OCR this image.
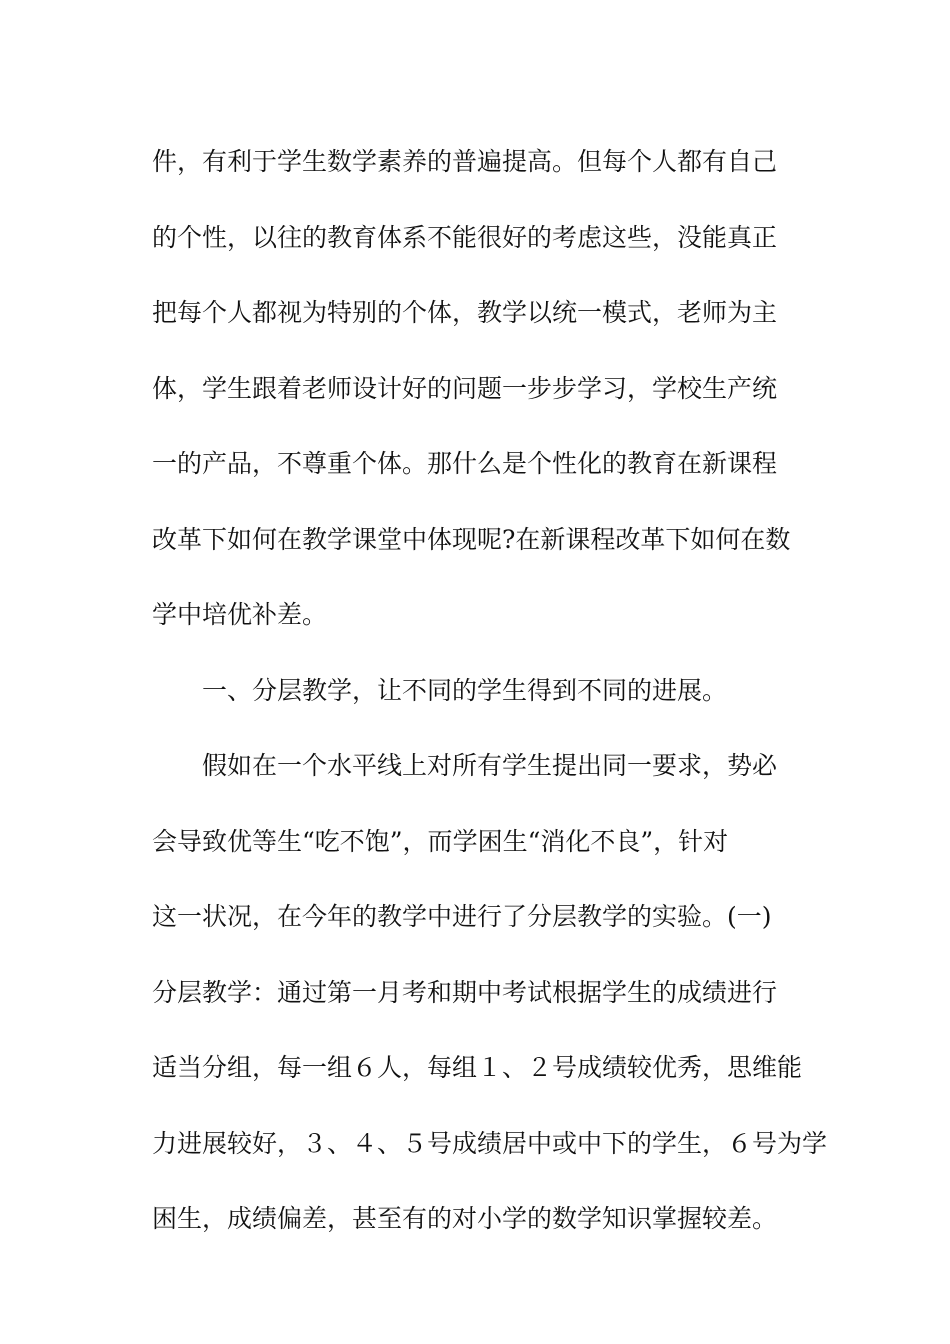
件，有利于学生数学素养的普遍提高。但每个人都有自己
的个性，以往的教育体系不能很好的考虑这些，没能真正
把每个人都视为特别的个体，教学以统一模式，老师为主
体，学生跟着老师设计好的问题一步步学习，学校生产统
一的产品，不尊重个体。那什么是个性化的教育在新课程
改革下如何在教学课堂中体现呢?在新课程改革下如何在数
学中培优补差。
一、分层教学，让不同的学生得到不同的进展。
假如在一个水平线上对所有学生提出同一要求，势必
会导致优等生“吃不饱”，而学困生“消化不良”，针对
这一状况，在今年的教学中进行了分层教学的实验。(一)
分层教学：通过第一月考和期中考试根据学生的成绩进行
适当分组，每一组６人，每组１、２号成绩较优秀，思维能
力进展较好，３、４、５号成绩居中或中下的学生，６号为学
困生，成绩偏差，甚至有的对小学的数学知识掌握较差。
